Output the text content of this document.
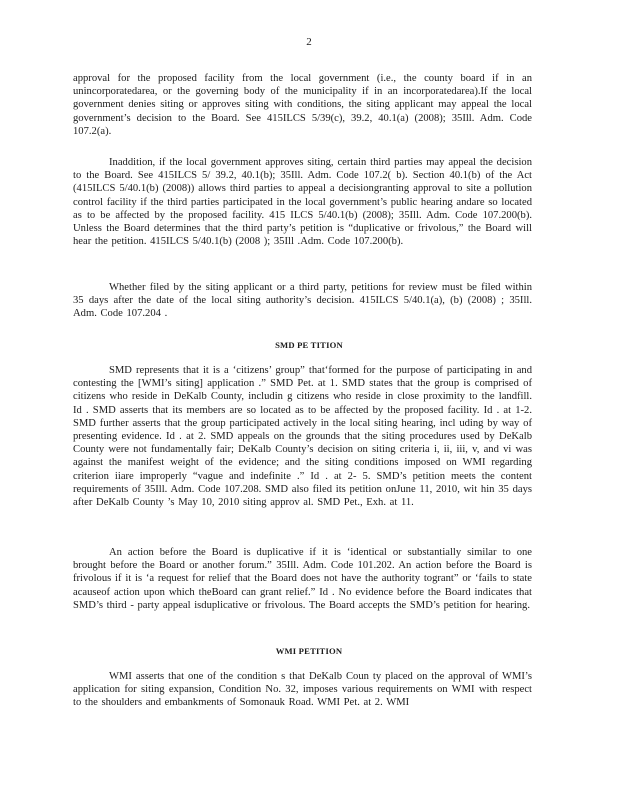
2

approval for the proposed facility from the local government (i.e., the county board if in an unincorporatedarea, or the governing body of the municipality if in an incorporatedarea).If the local government denies siting or approves siting with conditions, the siting applicant may appeal the local government’s decision to the Board. See 415ILCS 5/39(c), 39.2, 40.1(a) (2008); 35Ill. Adm. Code 107.2(a).

Inaddition, if the local government approves siting, certain third parties may appeal the decision to the Board. See 415ILCS 5/ 39.2, 40.1(b); 35Ill. Adm. Code 107.2( b). Section 40.1(b) of the Act (415ILCS 5/40.1(b) (2008)) allows third parties to appeal a decisiongranting approval to site a pollution control facility if the third parties participated in the local government’s public hearing andare so located as to be affected by the proposed facility. 415 ILCS 5/40.1(b) (2008); 35Ill. Adm. Code 107.200(b). Unless the Board determines that the third party’s petition is “duplicative or frivolous,” the Board will hear the petition. 415ILCS 5/40.1(b) (2008 ); 35Ill .Adm. Code 107.200(b).

Whether filed by the siting applicant or a third party, petitions for review must be filed within 35 days after the date of the local siting authority’s decision. 415ILCS 5/40.1(a), (b) (2008) ; 35Ill. Adm. Code 107.204 .

SMD PE TITION

SMD represents that it is a ‘citizens’ group” that‘formed for the purpose of participating in and contesting the [WMI’s siting] application .” SMD Pet. at 1. SMD states that the group is comprised of citizens who reside in DeKalb County, includin g citizens who reside in close proximity to the landfill. Id . SMD asserts that its members are so located as to be affected by the proposed facility. Id . at 1-2. SMD further asserts that the group participated actively in the local siting hearing, incl uding by way of presenting evidence. Id . at 2. SMD appeals on the grounds that the siting procedures used by DeKalb County were not fundamentally fair; DeKalb County’s decision on siting criteria i, ii, iii, v, and vi was against the manifest weight of the evidence; and the siting conditions imposed on WMI regarding criterion iiare improperly “vague and indefinite .” Id . at 2- 5. SMD’s petition meets the content requirements of 35Ill. Adm. Code 107.208. SMD also filed its petition onJune 11, 2010, wit hin 35 days after DeKalb County ’s May 10, 2010 siting approv al. SMD Pet., Exh. at 11.

An action before the Board is duplicative if it is ‘identical or substantially similar to one brought before the Board or another forum.” 35Ill. Adm. Code 101.202. An action before the Board is frivolous if it is ‘a request for relief that the Board does not have the authority togrant” or ‘fails to state acauseof action upon which theBoard can grant relief.” Id . No evidence before the Board indicates that SMD’s third - party appeal isduplicative or frivolous. The Board accepts the SMD’s petition for hearing.

WMI PETITION

WMI asserts that one of the condition s that DeKalb Coun ty placed on the approval of WMI’s application for siting expansion, Condition No. 32, imposes various requirements on WMI with respect to the shoulders and embankments of Somonauk Road. WMI Pet. at 2. WMI
